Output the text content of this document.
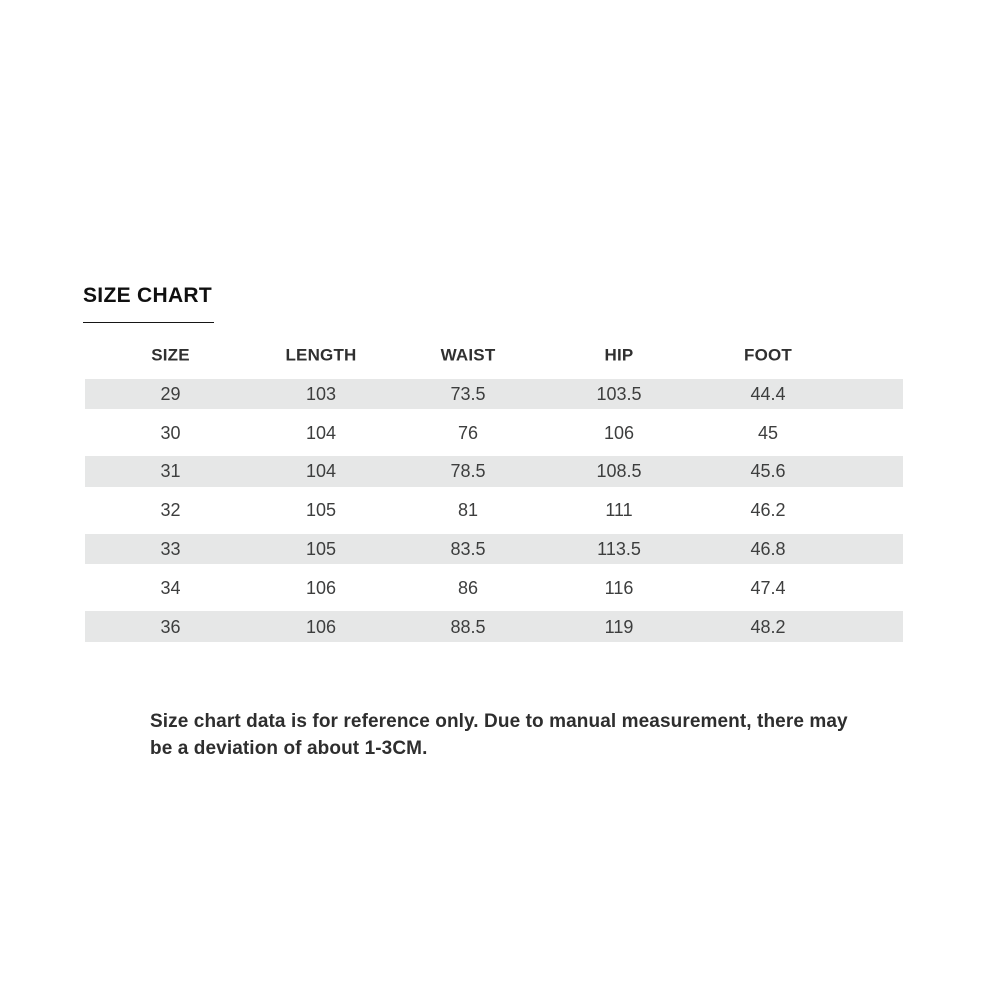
SIZE CHART
SIZE	LENGTH	WAIST	HIP	FOOT
29	103	73.5	103.5	44.4
30	104	76	106	45
31	104	78.5	108.5	45.6
32	105	81	111	46.2
33	105	83.5	113.5	46.8
34	106	86	116	47.4
36	106	88.5	119	48.2

Size chart data is for reference only. Due to manual measurement, there may
be a deviation of about 1-3CM.
